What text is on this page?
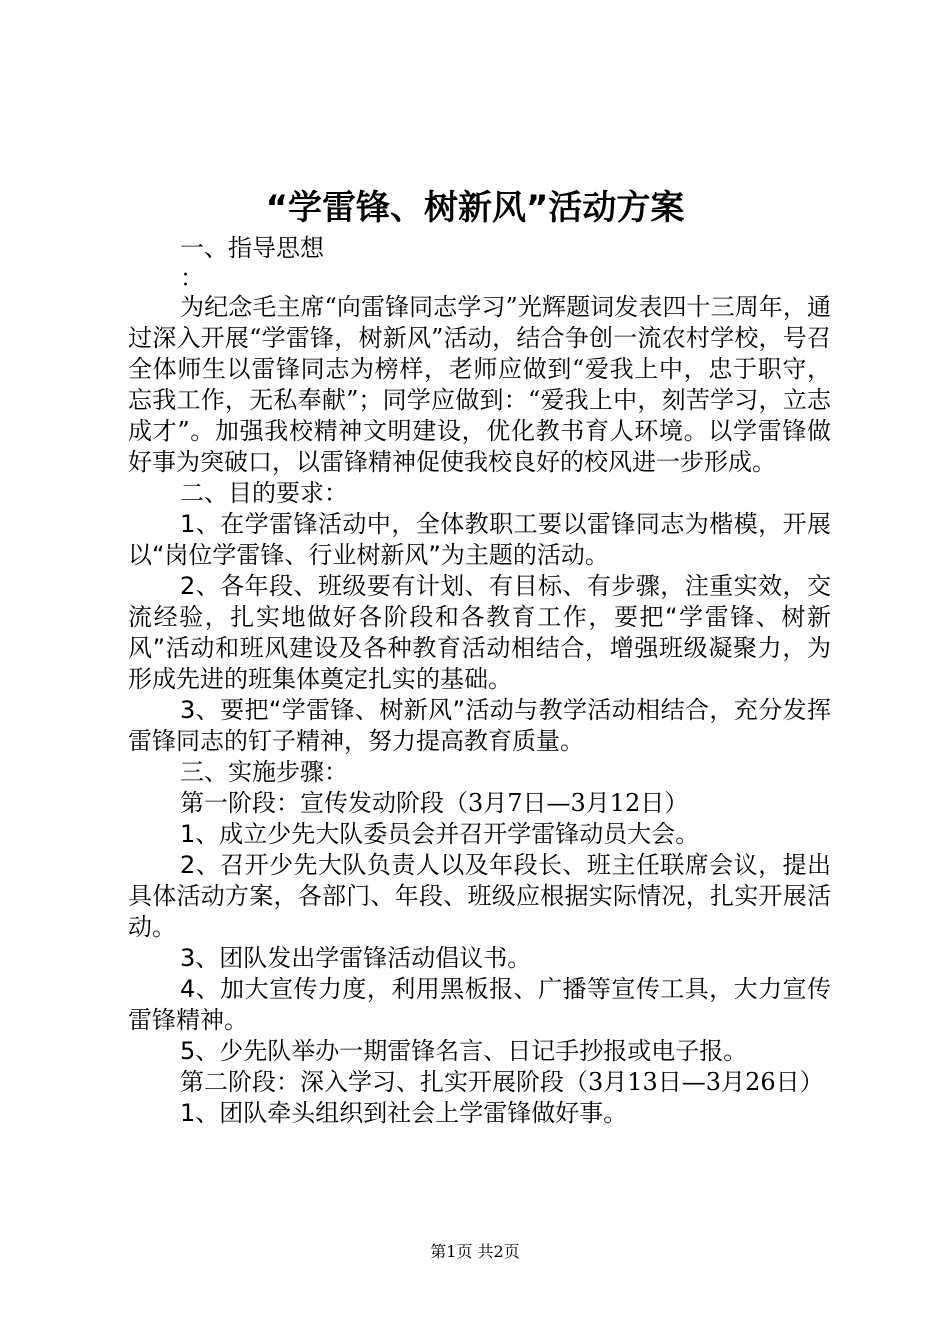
“学雷锋、树新风”活动方案

一、指导思想

：

为纪念毛主席“向雷锋同志学习”光辉题词发表四十三周年，通过深入开展“学雷锋，树新风”活动，结合争创一流农村学校，号召全体师生以雷锋同志为榜样，老师应做到“爱我上中，忠于职守，忘我工作，无私奉献”；同学应做到：“爱我上中，刻苦学习，立志成才”。加强我校精神文明建设，优化教书育人环境。以学雷锋做好事为突破口，以雷锋精神促使我校良好的校风进一步形成。

二、目的要求：

1、在学雷锋活动中，全体教职工要以雷锋同志为楷模，开展以“岗位学雷锋、行业树新风”为主题的活动。

2、各年段、班级要有计划、有目标、有步骤，注重实效，交流经验，扎实地做好各阶段和各教育工作，要把“学雷锋、树新风”活动和班风建设及各种教育活动相结合，增强班级凝聚力，为形成先进的班集体奠定扎实的基础。

3、要把“学雷锋、树新风”活动与教学活动相结合，充分发挥雷锋同志的钉子精神，努力提高教育质量。

三、实施步骤：

第一阶段：宣传发动阶段（3月7日—3月12日）

1、成立少先大队委员会并召开学雷锋动员大会。

2、召开少先大队负责人以及年段长、班主任联席会议，提出具体活动方案，各部门、年段、班级应根据实际情况，扎实开展活动。

3、团队发出学雷锋活动倡议书。

4、加大宣传力度，利用黑板报、广播等宣传工具，大力宣传雷锋精神。

5、少先队举办一期雷锋名言、日记手抄报或电子报。

第二阶段：深入学习、扎实开展阶段（3月13日—3月26日）

1、团队牵头组织到社会上学雷锋做好事。

第1页 共2页
